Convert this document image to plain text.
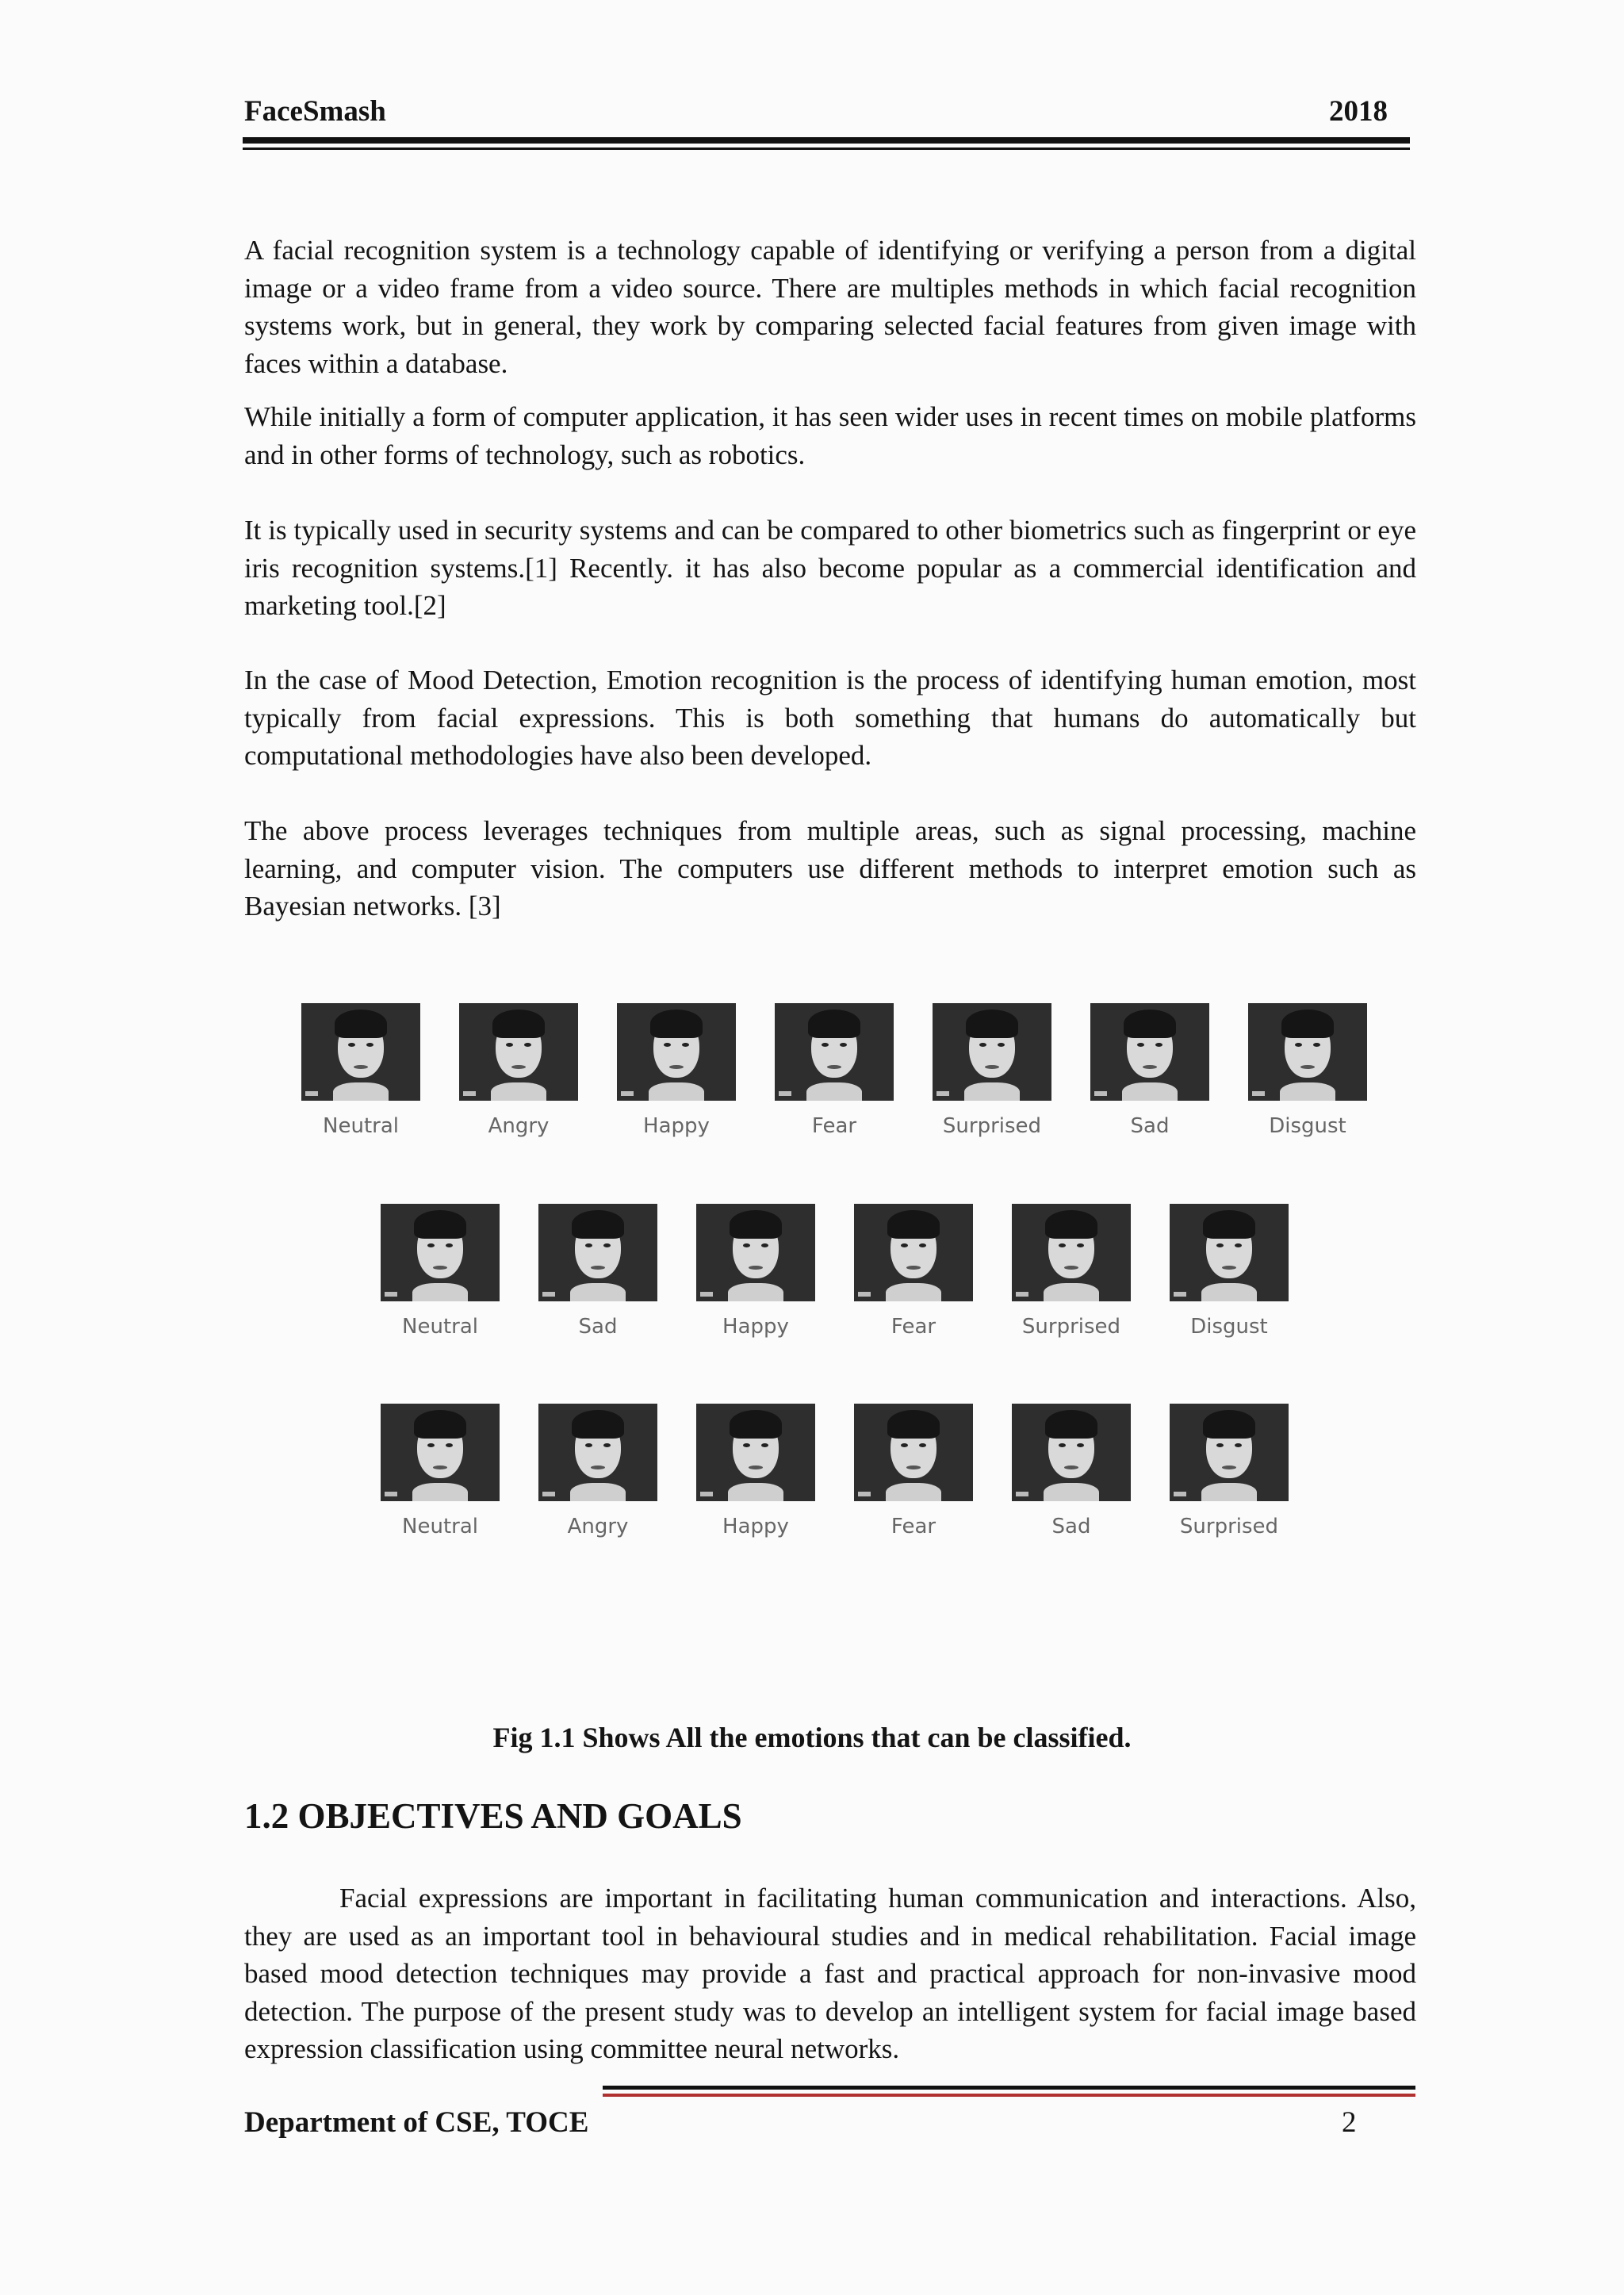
FaceSmash	2018

A facial recognition system is a technology capable of identifying or verifying a person from a digital image or a video frame from a video source. There are multiples methods in which facial recognition systems work, but in general, they work by comparing selected facial features from given image with faces within a database.

While initially a form of computer application, it has seen wider uses in recent times on mobile platforms and in other forms of technology, such as robotics.

It is typically used in security systems and can be compared to other biometrics such as fingerprint or eye iris recognition systems.[1] Recently. it has also become popular as a commercial identification and marketing tool.[2]

In the case of Mood Detection, Emotion recognition is the process of identifying human emotion, most typically from facial expressions. This is both something that humans do automatically but computational methodologies have also been developed.

The above process leverages techniques from multiple areas, such as signal processing, machine learning, and computer vision. The computers use different methods to interpret emotion such as Bayesian networks. [3]

Neutral	Angry	Happy	Fear	Surprised	Sad	Disgust
Neutral	Sad	Happy	Fear	Surprised	Disgust
Neutral	Angry	Happy	Fear	Sad	Surprised
Fig 1.1 Shows All the emotions that can be classified.
1.2 OBJECTIVES AND GOALS

Facial expressions are important in facilitating human communication and interactions. Also, they are used as an important tool in behavioural studies and in medical rehabilitation. Facial image based mood detection techniques may provide a fast and practical approach for non-invasive mood detection. The purpose of the present study was to develop an intelligent system for facial image based expression classification using committee neural networks.

Department of CSE, TOCE	2
